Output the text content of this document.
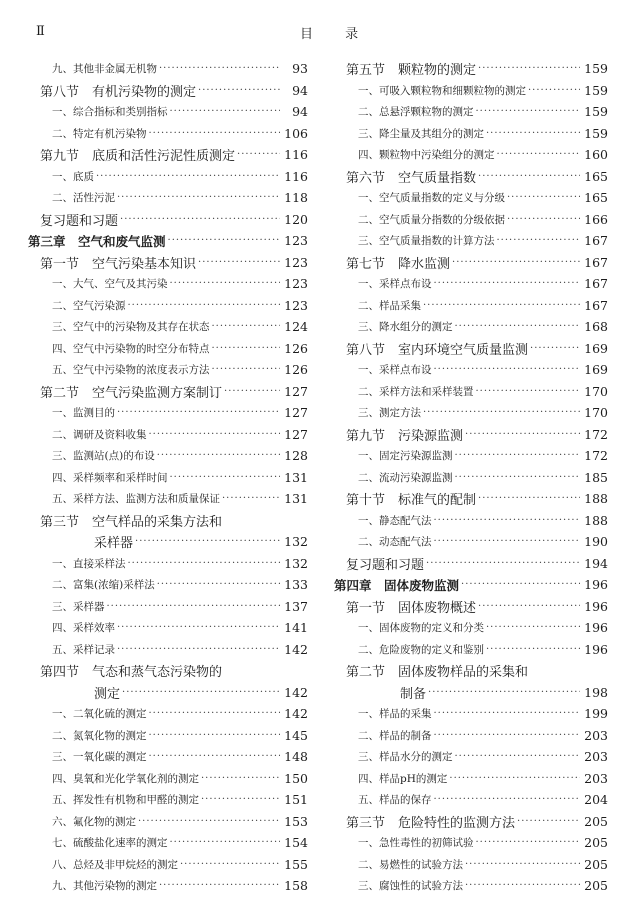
Ⅱ	目 录
九、其他非金属无机物 ·····	93
第八节　有机污染物的测定 ·····	94
一、综合指标和类别指标 ·····	94
二、特定有机污染物 ·····	106
第九节　底质和活性污泥性质测定 ·····	116
一、底质 ·····	116
二、活性污泥 ·····	118
复习题和习题 ·····	120
第三章　空气和废气监测 ·····	123
第一节　空气污染基本知识 ·····	123
一、大气、空气及其污染 ·····	123
二、空气污染源 ·····	123
三、空气中的污染物及其存在状态 ·····	124
四、空气中污染物的时空分布特点 ·····	126
五、空气中污染物的浓度表示方法 ·····	126
第二节　空气污染监测方案制订 ·····	127
一、监测目的 ·····	127
二、调研及资料收集 ·····	127
三、监测站(点)的布设 ·····	128
四、采样频率和采样时间 ·····	131
五、采样方法、监测方法和质量保证 ·····	131
第三节　空气样品的采集方法和
采样器 ·····	132
一、直接采样法 ·····	132
二、富集(浓缩)采样法 ·····	133
三、采样器 ·····	137
四、采样效率 ·····	141
五、采样记录 ·····	142
第四节　气态和蒸气态污染物的
测定 ·····	142
一、二氧化硫的测定 ·····	142
二、氮氧化物的测定 ·····	145
三、一氧化碳的测定 ·····	148
四、臭氧和光化学氧化剂的测定 ·····	150
五、挥发性有机物和甲醛的测定 ·····	151
六、氟化物的测定 ·····	153
七、硫酸盐化速率的测定 ·····	154
八、总烃及非甲烷烃的测定 ·····	155
九、其他污染物的测定 ·····	158
第五节　颗粒物的测定 ·····	159
一、可吸入颗粒物和细颗粒物的测定 ·····	159
二、总悬浮颗粒物的测定 ·····	159
三、降尘量及其组分的测定 ·····	159
四、颗粒物中污染组分的测定 ·····	160
第六节　空气质量指数 ·····	165
一、空气质量指数的定义与分级 ·····	165
二、空气质量分指数的分级依据 ·····	166
三、空气质量指数的计算方法 ·····	167
第七节　降水监测 ·····	167
一、采样点布设 ·····	167
二、样品采集 ·····	167
三、降水组分的测定 ·····	168
第八节　室内环境空气质量监测 ·····	169
一、采样点布设 ·····	169
二、采样方法和采样装置 ·····	170
三、测定方法 ·····	170
第九节　污染源监测 ·····	172
一、固定污染源监测 ·····	172
二、流动污染源监测 ·····	185
第十节　标准气的配制 ·····	188
一、静态配气法 ·····	188
二、动态配气法 ·····	190
复习题和习题 ·····	194
第四章　固体废物监测 ·····	196
第一节　固体废物概述 ·····	196
一、固体废物的定义和分类 ·····	196
二、危险废物的定义和鉴别 ·····	196
第二节　固体废物样品的采集和
制备 ·····	198
一、样品的采集 ·····	199
二、样品的制备 ·····	203
三、样品水分的测定 ·····	203
四、样品pH的测定 ·····	203
五、样品的保存 ·····	204
第三节　危险特性的监测方法 ·····	205
一、急性毒性的初筛试验 ·····	205
二、易燃性的试验方法 ·····	205
三、腐蚀性的试验方法 ·····	205
